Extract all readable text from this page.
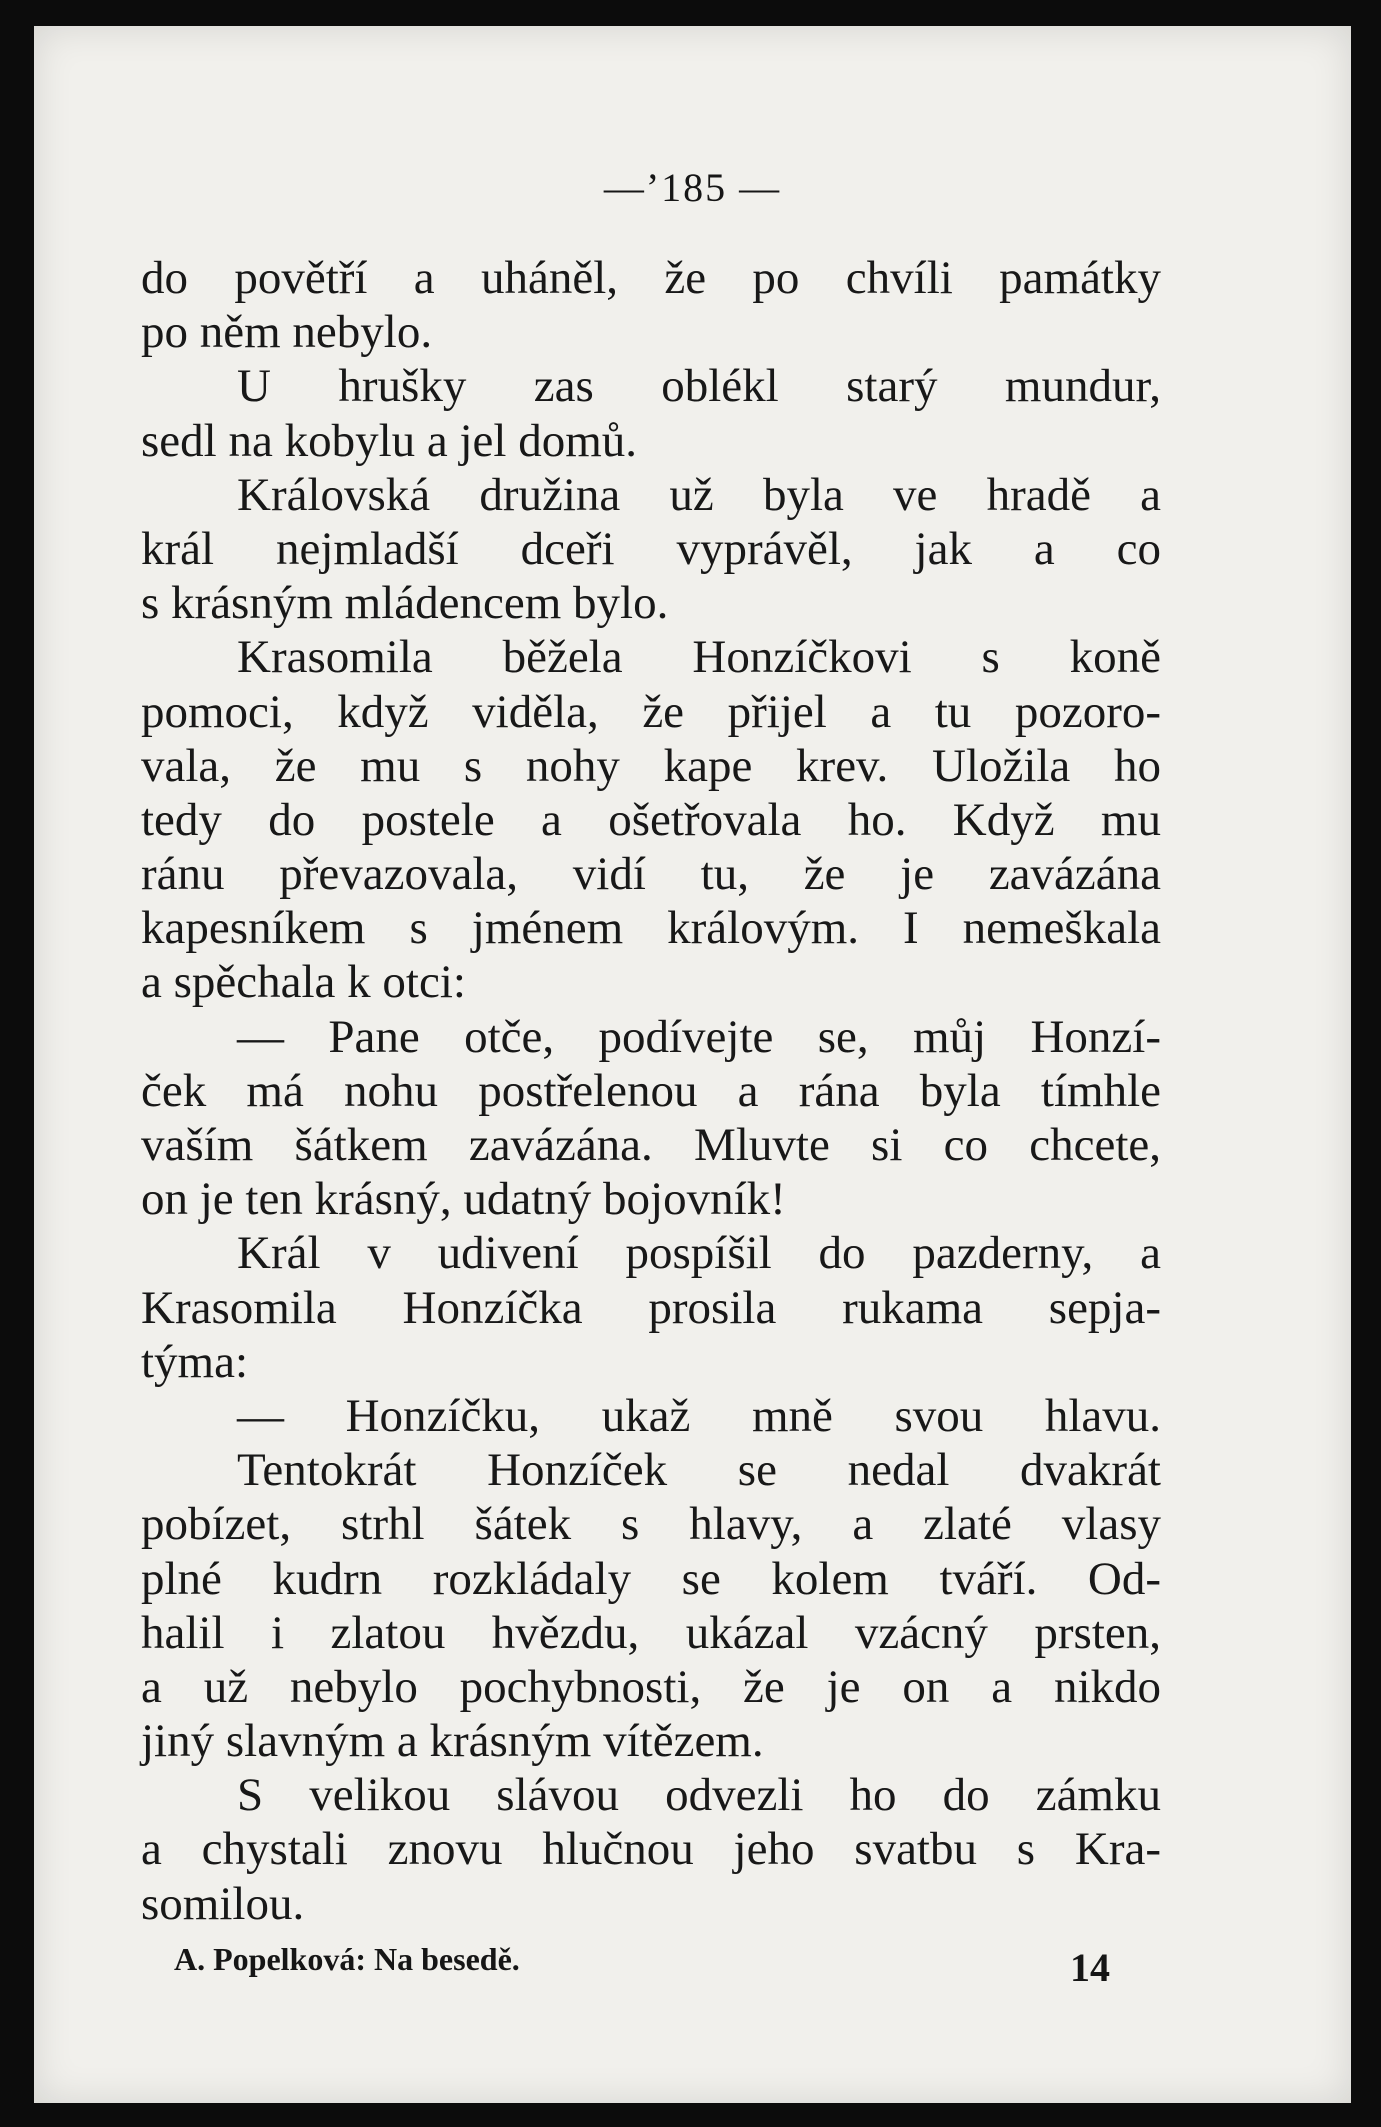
—’185 —
do povětří a uháněl, že po chvíli památky
po něm nebylo.
U hrušky zas oblékl starý mundur,
sedl na kobylu a jel domů.
Královská družina už byla ve hradě a
král nejmladší dceři vyprávěl, jak a co
s krásným mládencem bylo.
Krasomila běžela Honzíčkovi s koně
pomoci, když viděla, že přijel a tu pozoro-
vala, že mu s nohy kape krev. Uložila ho
tedy do postele a ošetřovala ho. Když mu
ránu převazovala, vidí tu, že je zavázána
kapesníkem s jménem královým. I nemeškala
a spěchala k otci:
— Pane otče, podívejte se, můj Honzí-
ček má nohu postřelenou a rána byla tímhle
vaším šátkem zavázána. Mluvte si co chcete,
on je ten krásný, udatný bojovník!
Král v udivení pospíšil do pazderny, a
Krasomila Honzíčka prosila rukama sepja-
týma:
— Honzíčku, ukaž mně svou hlavu.
Tentokrát Honzíček se nedal dvakrát
pobízet, strhl šátek s hlavy, a zlaté vlasy
plné kudrn rozkládaly se kolem tváří. Od-
halil i zlatou hvězdu, ukázal vzácný prsten,
a už nebylo pochybnosti, že je on a nikdo
jiný slavným a krásným vítězem.
S velikou slávou odvezli ho do zámku
a chystali znovu hlučnou jeho svatbu s Kra-
somilou.
A. Popelková: Na besedě.	14
